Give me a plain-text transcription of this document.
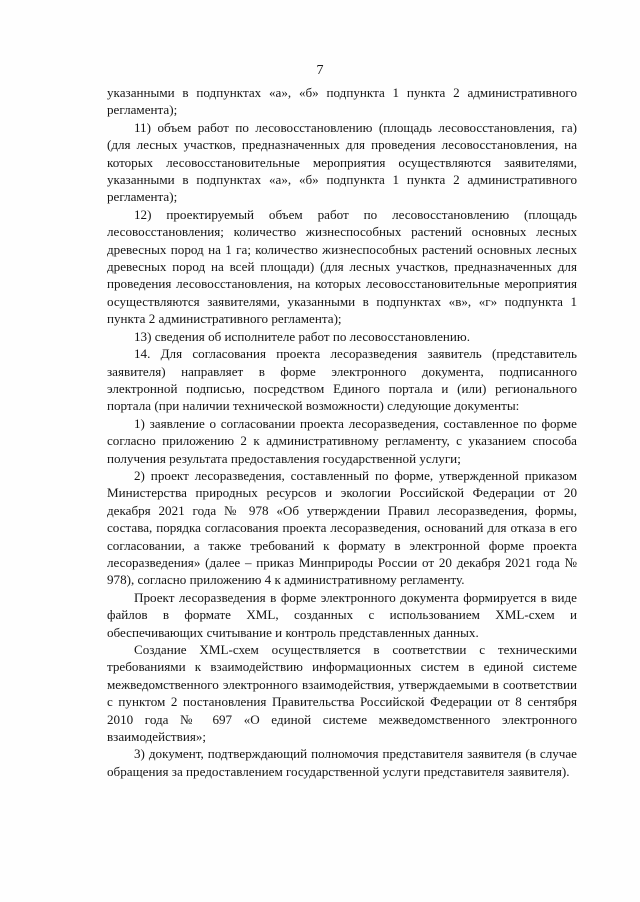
7

указанными в подпунктах «а», «б» подпункта 1 пункта 2 административного регламента);

11) объем работ по лесовосстановлению (площадь лесовосстановления, га) (для лесных участков, предназначенных для проведения лесовосстановления, на которых лесовосстановительные мероприятия осуществляются заявителями, указанными в подпунктах «а», «б» подпункта 1 пункта 2 административного регламента);

12) проектируемый объем работ по лесовосстановлению (площадь лесовосстановления; количество жизнеспособных растений основных лесных древесных пород на 1 га; количество жизнеспособных растений основных лесных древесных пород на всей площади) (для лесных участков, предназначенных для проведения лесовосстановления, на которых лесовосстановительные мероприятия осуществляются заявителями, указанными в подпунктах «в», «г» подпункта 1 пункта 2 административного регламента);

13) сведения об исполнителе работ по лесовосстановлению.

14. Для согласования проекта лесоразведения заявитель (представитель заявителя) направляет в форме электронного документа, подписанного электронной подписью, посредством Единого портала и (или) регионального портала (при наличии технической возможности) следующие документы:

1) заявление о согласовании проекта лесоразведения, составленное по форме согласно приложению 2 к административному регламенту, с указанием способа получения результата предоставления государственной услуги;

2) проект лесоразведения, составленный по форме, утвержденной приказом Министерства природных ресурсов и экологии Российской Федерации от 20 декабря 2021 года № 978 «Об утверждении Правил лесоразведения, формы, состава, порядка согласования проекта лесоразведения, оснований для отказа в его согласовании, а также требований к формату в электронной форме проекта лесоразведения» (далее – приказ Минприроды России от 20 декабря 2021 года № 978), согласно приложению 4 к административному регламенту.

Проект лесоразведения в форме электронного документа формируется в виде файлов в формате XML, созданных с использованием XML-схем и обеспечивающих считывание и контроль представленных данных.

Создание XML-схем осуществляется в соответствии с техническими требованиями к взаимодействию информационных систем в единой системе межведомственного электронного взаимодействия, утверждаемыми в соответствии с пунктом 2 постановления Правительства Российской Федерации от 8 сентября 2010 года № 697 «О единой системе межведомственного электронного взаимодействия»;

3) документ, подтверждающий полномочия представителя заявителя (в случае обращения за предоставлением государственной услуги представителя заявителя).
